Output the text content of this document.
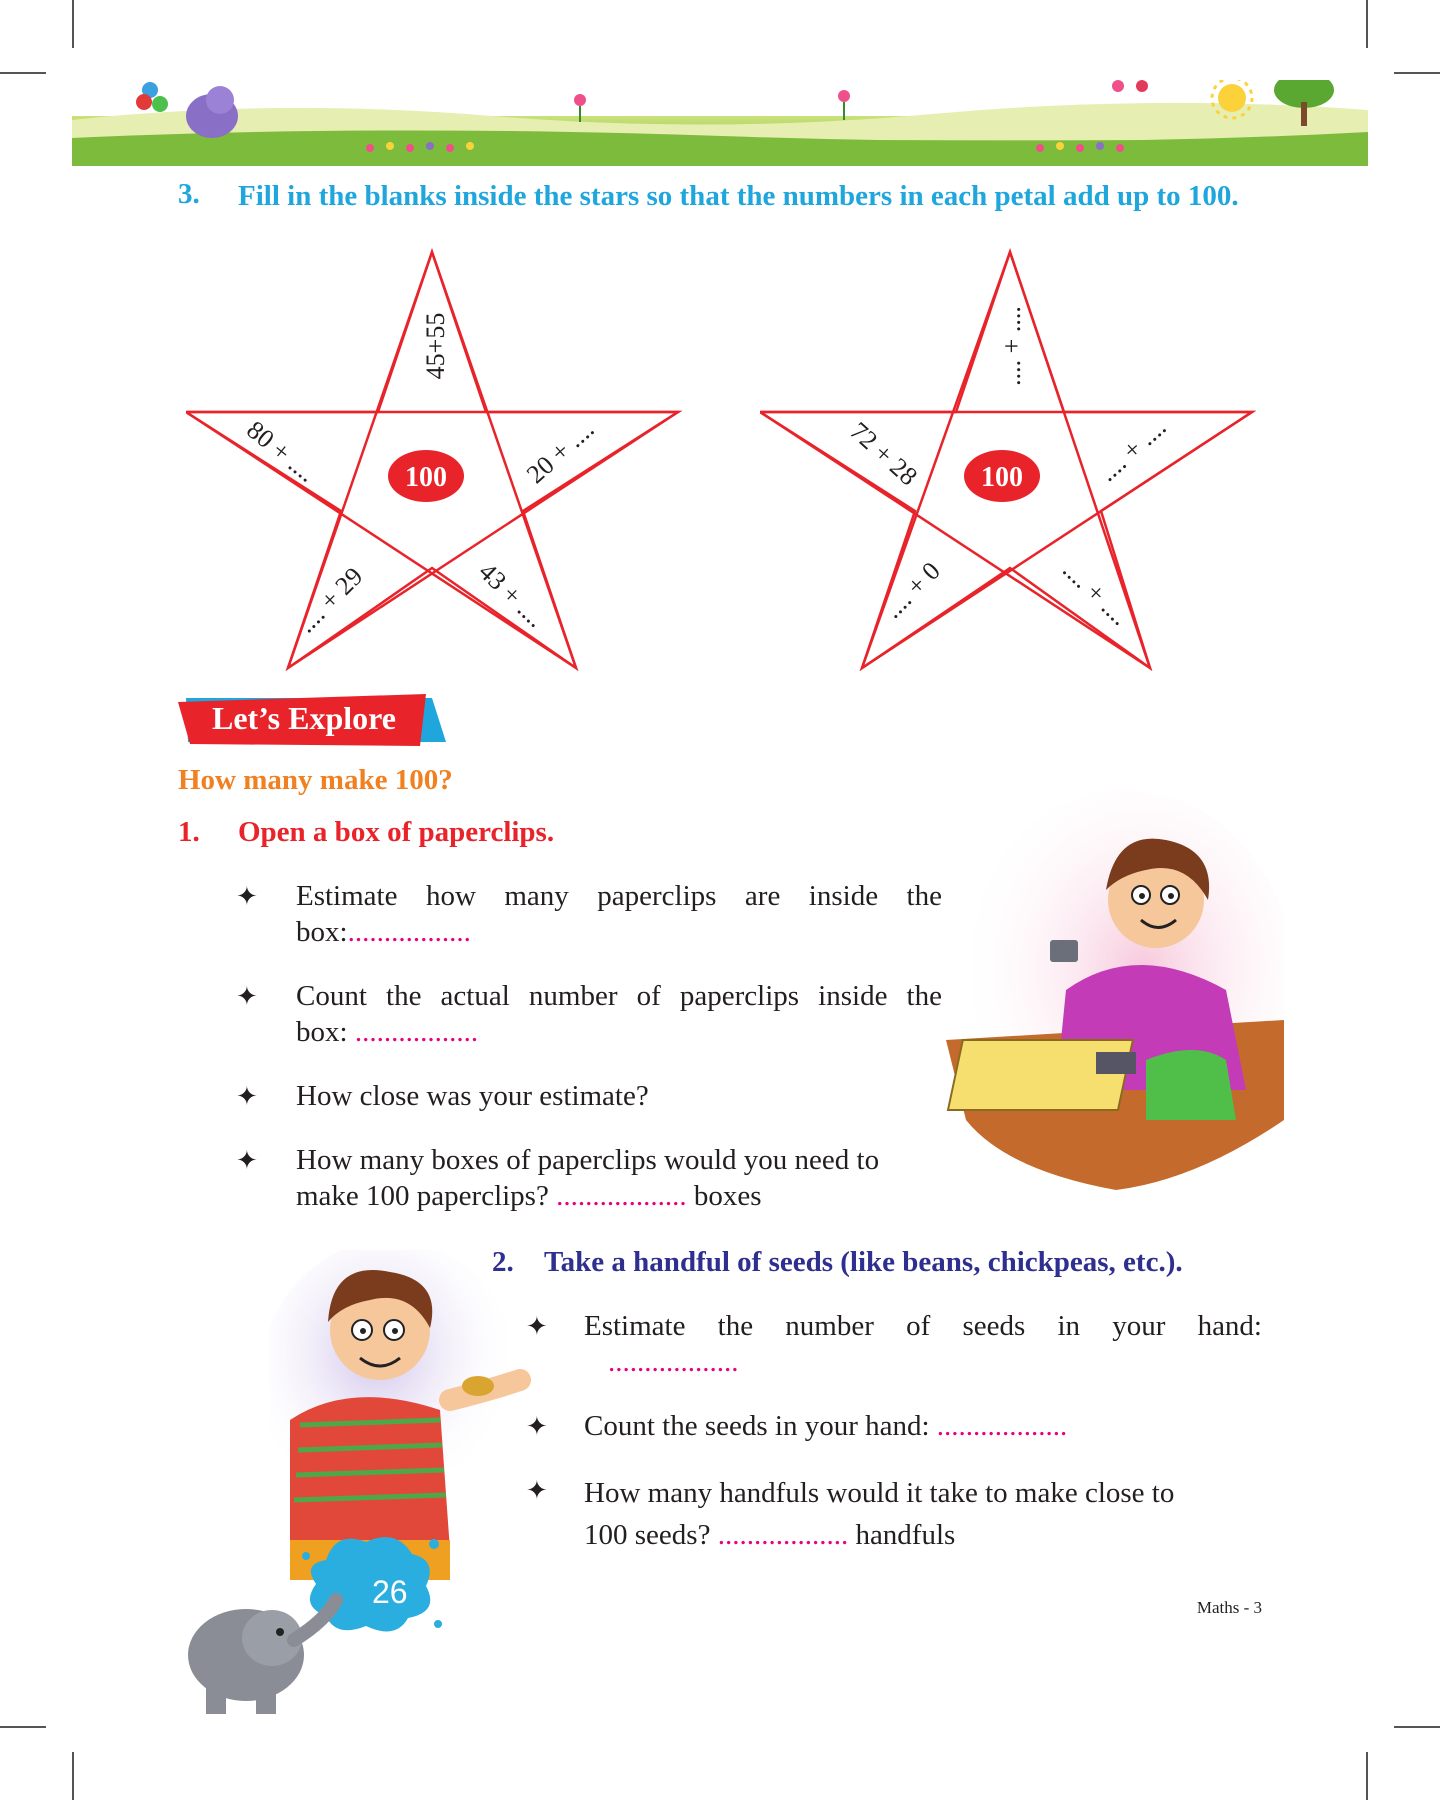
3. Fill in the blanks inside the stars so that the numbers in each petal add up to 100.
100
45+55
80 + ....	20 + ....
.... + 29	43 + ....
100
.... + ....
72 + 28	.... + ....
.... + 0	.... + ....
Let’s Explore
How many make 100?
1. Open a box of paperclips.
✦ Estimate how many paperclips are inside the
box:.................
✦ Count the actual number of paperclips inside the
box: .................
✦ How close was your estimate?
✦ How many boxes of paperclips would you need to
make 100 paperclips? .................. boxes
2. Take a handful of seeds (like beans, chickpeas, etc.).
✦ Estimate the number of seeds in your hand:
..................
✦ Count the seeds in your hand: ..................
✦ How many handfuls would it take to make close to
100 seeds? .................. handfuls
26	Maths - 3
